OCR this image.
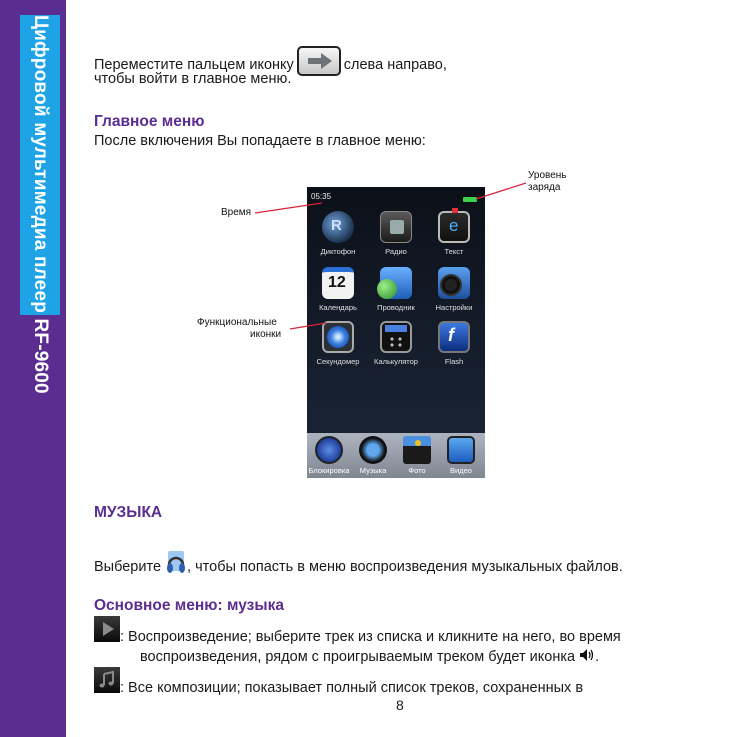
Цифровой мультимедиа плеер RF-9600	Переместите пальцем иконку	слева направо,
чтобы войти в главное меню.
Главное меню
После включения Вы попадаете в главное меню:
05:35
R
Диктофон	Радио
e
Текст
12
Календарь	Проводник	Настройки
Секундомер	Калькулятор
f
Flash
Блокировка	Музыка	Фото	Видео
Время
Уровень
заряда
Функциональные
иконки
МУЗЫКА
Выберите , чтобы попасть в меню воспроизведения музыкальных файлов.
Основное меню: музыка
: Воспроизведение; выберите трек из списка и кликните на него, во время
воспроизведения, рядом с проигрываемым треком будет иконка .
: Все композиции; показывает полный список треков, сохраненных в
8
